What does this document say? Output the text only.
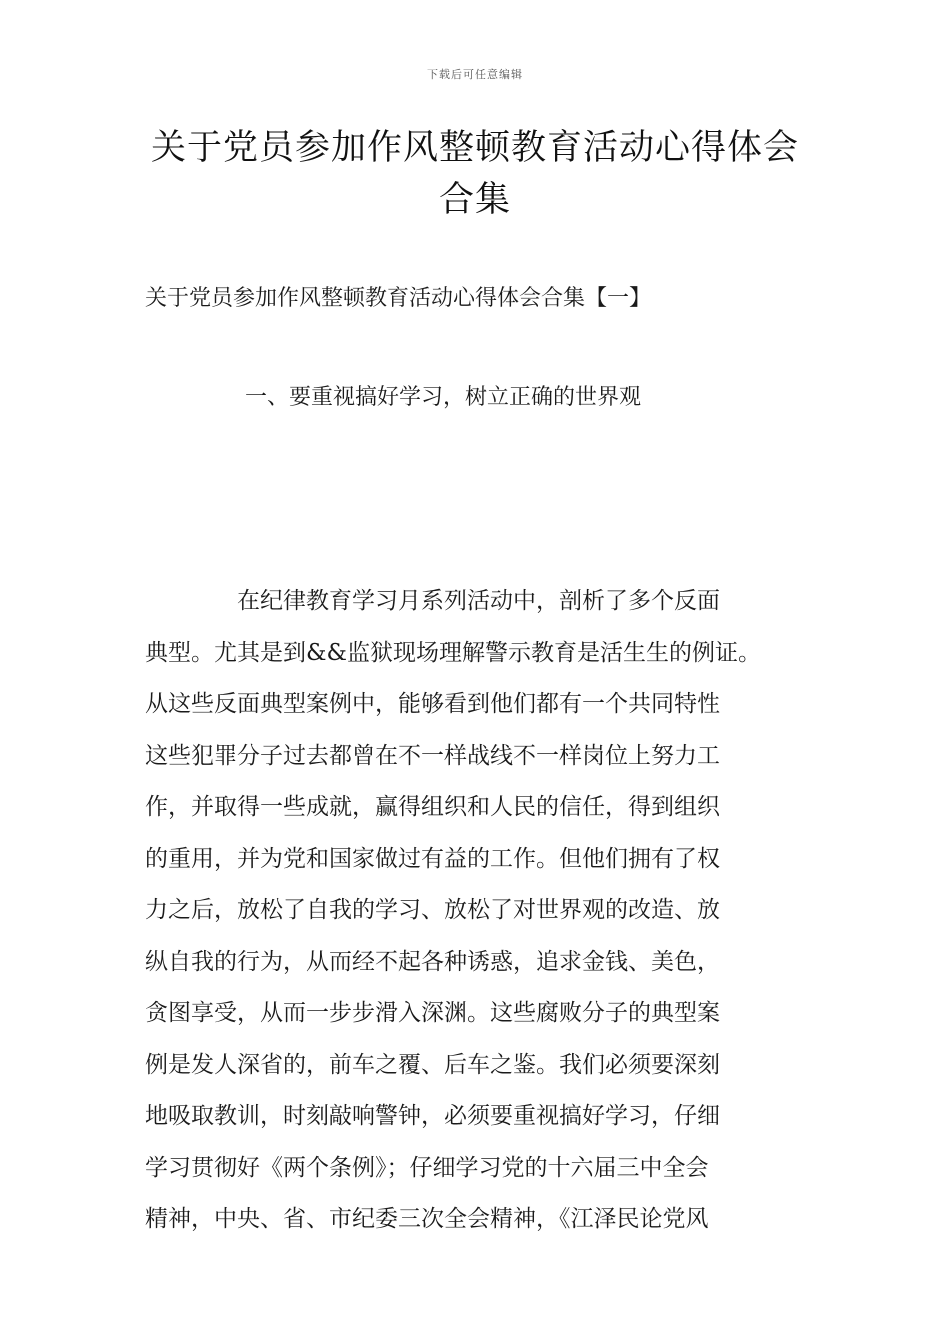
下载后可任意编辑
关于党员参加作风整顿教育活动心得体会
合集
关于党员参加作风整顿教育活动心得体会合集【一】
一、要重视搞好学习，树立正确的世界观
　　　　在纪律教育学习月系列活动中，剖析了多个反面
典型。尤其是到&&监狱现场理解警示教育是活生生的例证。
从这些反面典型案例中，能够看到他们都有一个共同特性
这些犯罪分子过去都曾在不一样战线不一样岗位上努力工
作，并取得一些成就，赢得组织和人民的信任，得到组织
的重用，并为党和国家做过有益的工作。但他们拥有了权
力之后，放松了自我的学习、放松了对世界观的改造、放
纵自我的行为，从而经不起各种诱惑，追求金钱、美色，
贪图享受，从而一步步滑入深渊。这些腐败分子的典型案
例是发人深省的，前车之覆、后车之鉴。我们必须要深刻
地吸取教训，时刻敲响警钟，必须要重视搞好学习，仔细
学习贯彻好《两个条例》；仔细学习党的十六届三中全会
精神，中央、省、市纪委三次全会精神，《江泽民论党风
